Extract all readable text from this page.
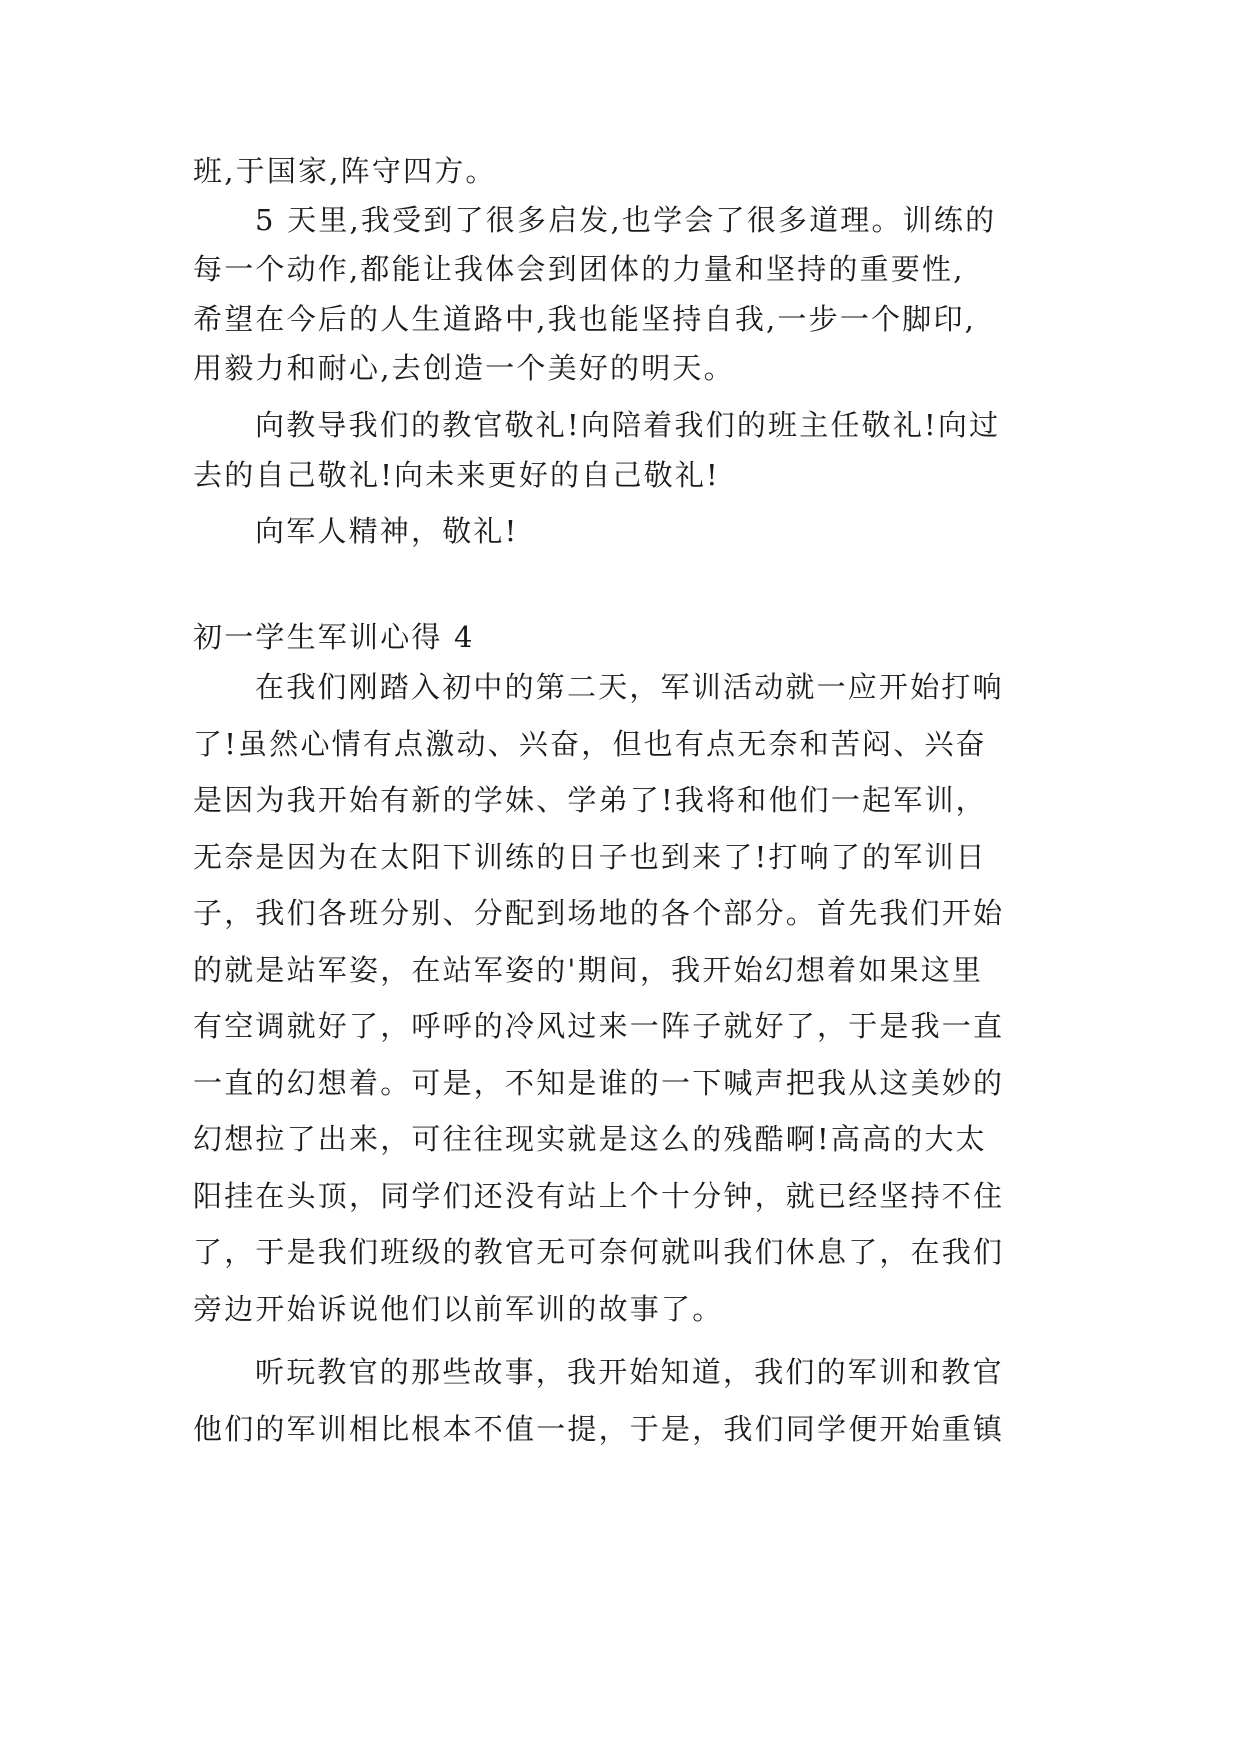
班,于国家,阵守四方。
5 天里,我受到了很多启发,也学会了很多道理。训练的
每一个动作,都能让我体会到团体的力量和坚持的重要性,
希望在今后的人生道路中,我也能坚持自我,一步一个脚印,
用毅力和耐心,去创造一个美好的明天。
向教导我们的教官敬礼!向陪着我们的班主任敬礼!向过
去的自己敬礼!向未来更好的自己敬礼!
向军人精神，敬礼!
初一学生军训心得 4
在我们刚踏入初中的第二天，军训活动就一应开始打响
了!虽然心情有点激动、兴奋，但也有点无奈和苦闷、兴奋
是因为我开始有新的学妹、学弟了!我将和他们一起军训，
无奈是因为在太阳下训练的日子也到来了!打响了的军训日
子，我们各班分别、分配到场地的各个部分。首先我们开始
的就是站军姿，在站军姿的'期间，我开始幻想着如果这里
有空调就好了，呼呼的冷风过来一阵子就好了，于是我一直
一直的幻想着。可是，不知是谁的一下喊声把我从这美妙的
幻想拉了出来，可往往现实就是这么的残酷啊!高高的大太
阳挂在头顶，同学们还没有站上个十分钟，就已经坚持不住
了，于是我们班级的教官无可奈何就叫我们休息了，在我们
旁边开始诉说他们以前军训的故事了。
听玩教官的那些故事，我开始知道，我们的军训和教官
他们的军训相比根本不值一提，于是，我们同学便开始重镇
